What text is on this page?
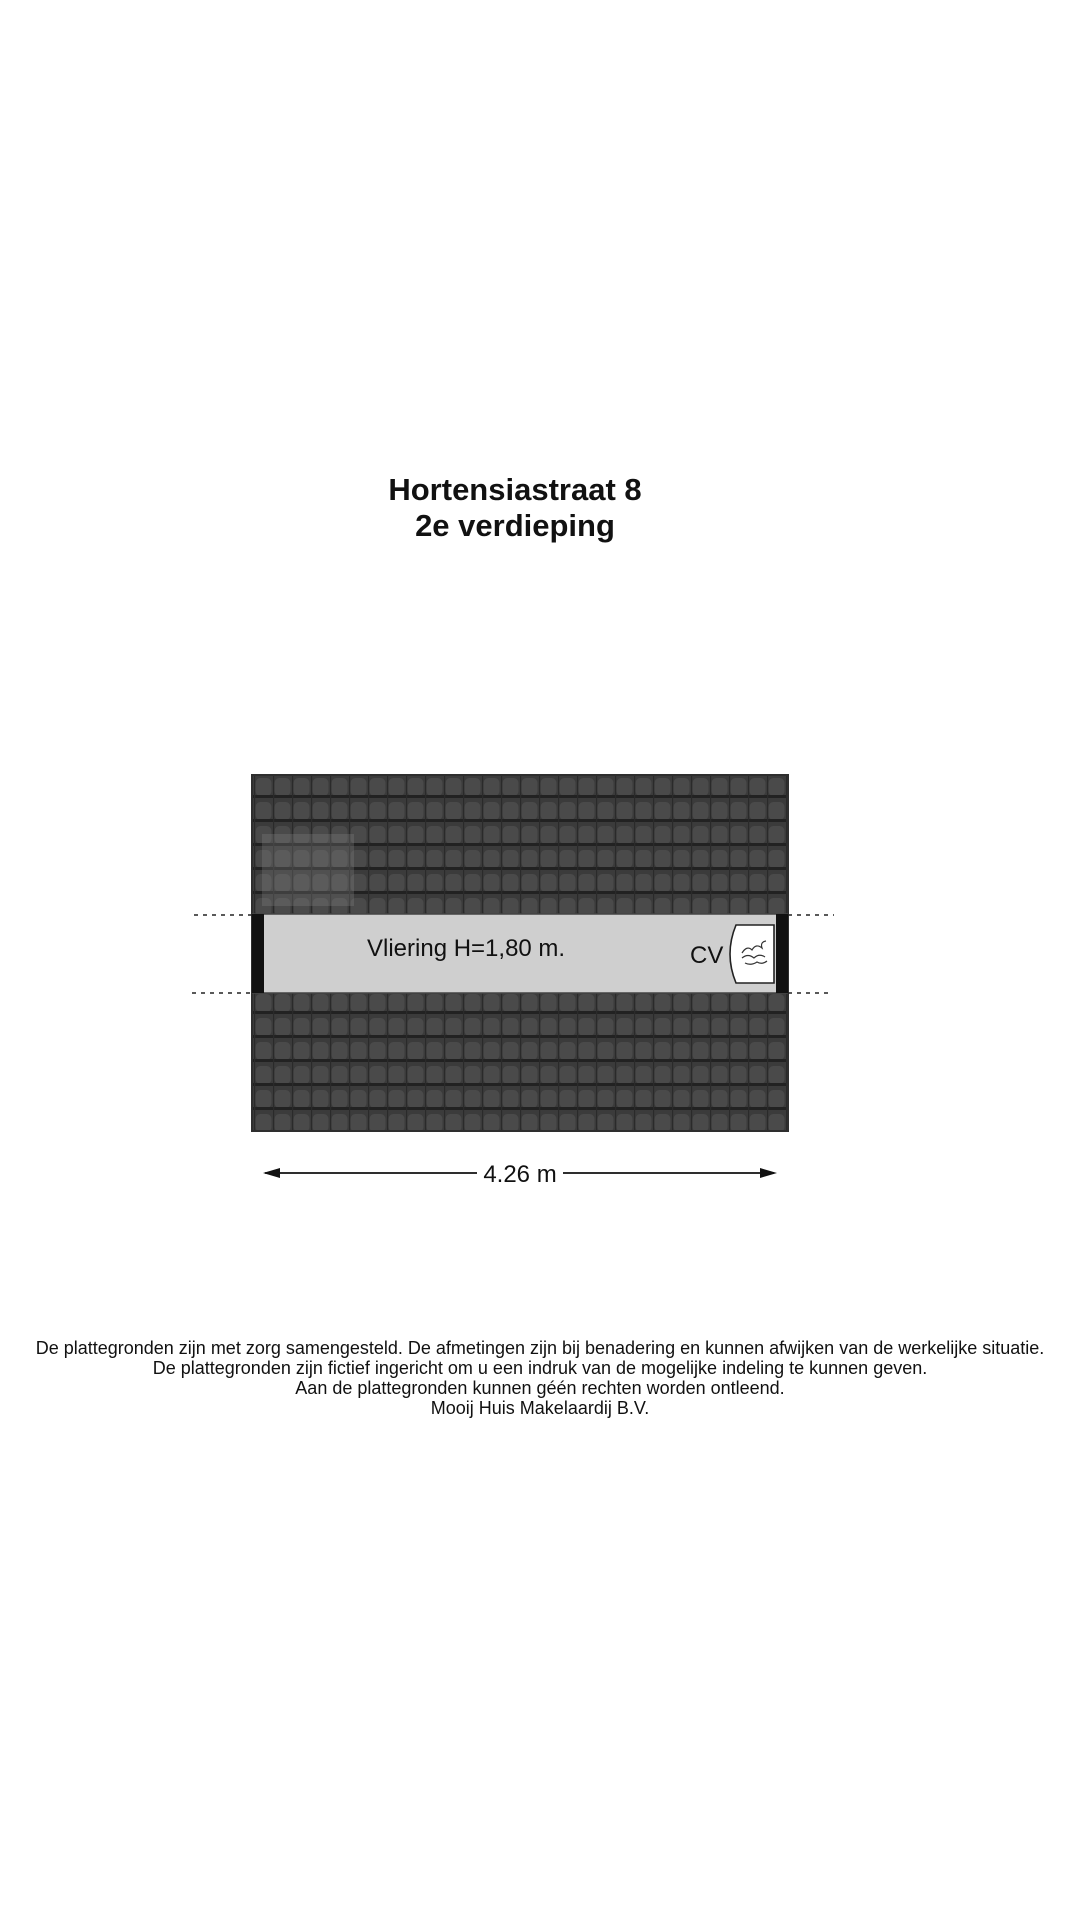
Hortensiastraat 8
2e verdieping
Vliering H=1,80 m.	CV
4.26 m
De plattegronden zijn met zorg samengesteld. De afmetingen zijn bij benadering en kunnen afwijken van de werkelijke situatie.
De plattegronden zijn fictief ingericht om u een indruk van de mogelijke indeling te kunnen geven.
Aan de plattegronden kunnen géén rechten worden ontleend.
Mooij Huis Makelaardij B.V.
